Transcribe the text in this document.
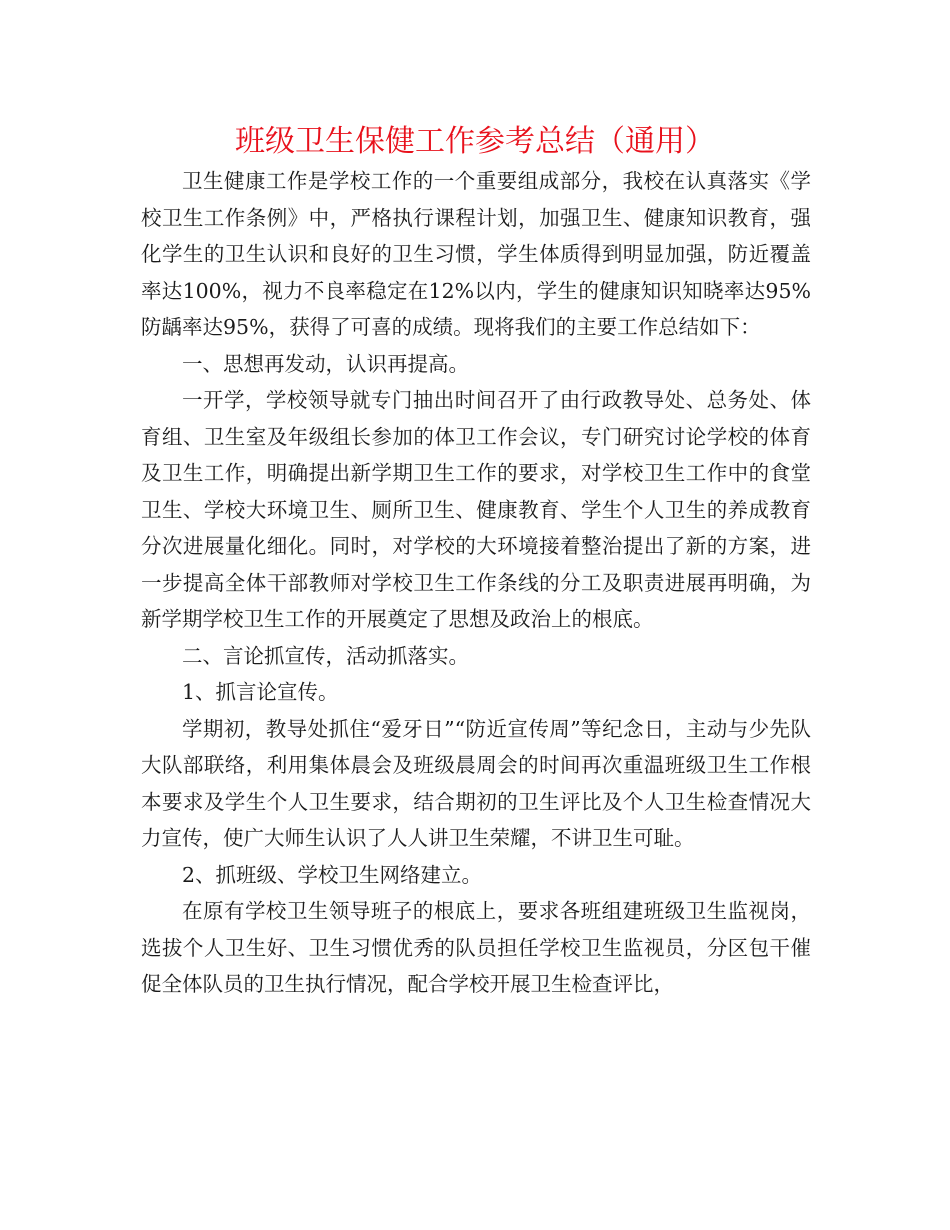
班级卫生保健工作参考总结（通用）

卫生健康工作是学校工作的一个重要组成部分，我校在认真落实《学校卫生工作条例》中，严格执行课程计划，加强卫生、健康知识教育，强化学生的卫生认识和良好的卫生习惯，学生体质得到明显加强，防近覆盖率达100%，视力不良率稳定在12%以内，学生的健康知识知晓率达95%防龋率达95%，获得了可喜的成绩。现将我们的主要工作总结如下：

一、思想再发动，认识再提高。

一开学，学校领导就专门抽出时间召开了由行政教导处、总务处、体育组、卫生室及年级组长参加的体卫工作会议，专门研究讨论学校的体育及卫生工作，明确提出新学期卫生工作的要求，对学校卫生工作中的食堂卫生、学校大环境卫生、厕所卫生、健康教育、学生个人卫生的养成教育分次进展量化细化。同时，对学校的大环境接着整治提出了新的方案，进一步提高全体干部教师对学校卫生工作条线的分工及职责进展再明确，为新学期学校卫生工作的开展奠定了思想及政治上的根底。

二、言论抓宣传，活动抓落实。

1、抓言论宣传。

学期初，教导处抓住“爱牙日”“防近宣传周”等纪念日，主动与少先队大队部联络，利用集体晨会及班级晨周会的时间再次重温班级卫生工作根本要求及学生个人卫生要求，结合期初的卫生评比及个人卫生检查情况大力宣传，使广大师生认识了人人讲卫生荣耀，不讲卫生可耻。

2、抓班级、学校卫生网络建立。

在原有学校卫生领导班子的根底上，要求各班组建班级卫生监视岗，选拔个人卫生好、卫生习惯优秀的队员担任学校卫生监视员，分区包干催促全体队员的卫生执行情况，配合学校开展卫生检查评比，
